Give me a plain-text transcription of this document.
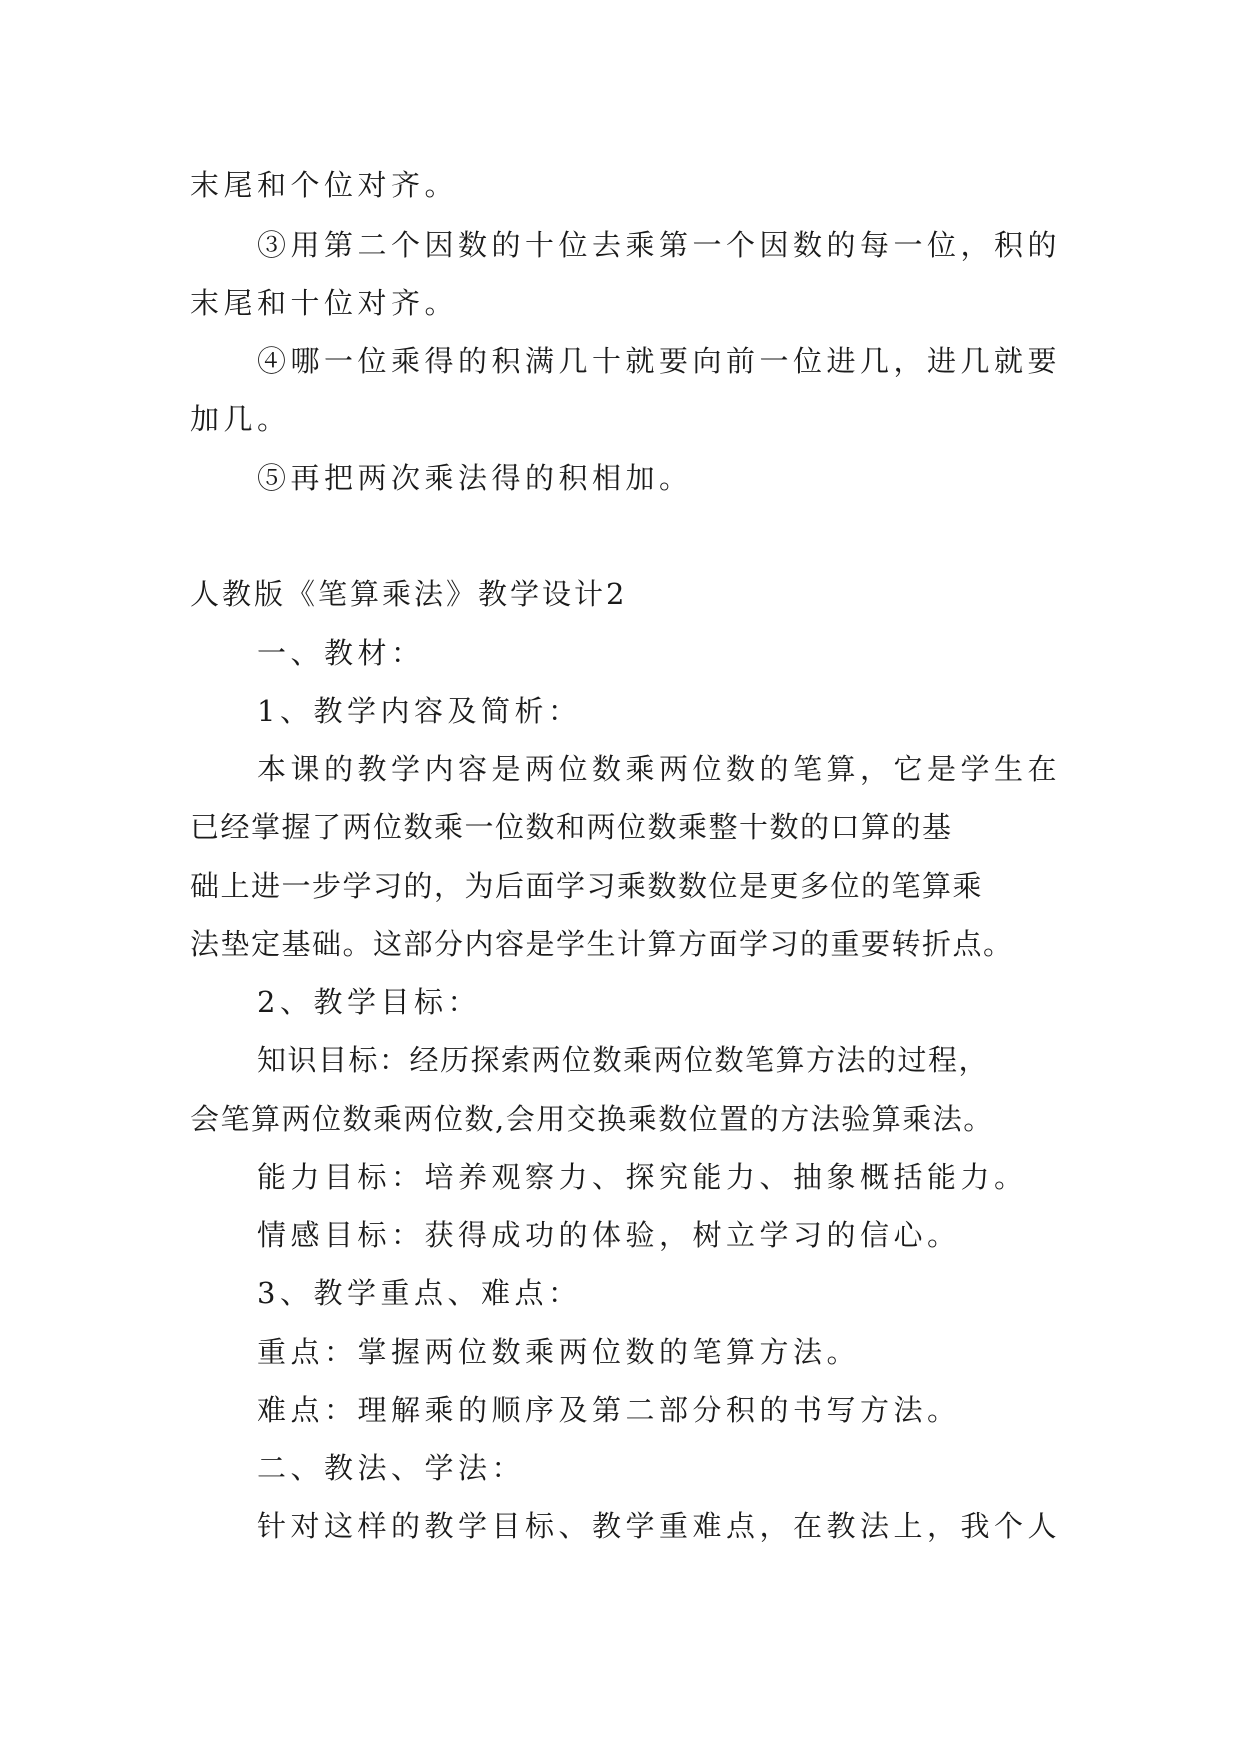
末尾和个位对齐。

③用第二个因数的十位去乘第一个因数的每一位，积的

末尾和十位对齐。

④哪一位乘得的积满几十就要向前一位进几，进几就要

加几。

⑤再把两次乘法得的积相加。

人教版《笔算乘法》教学设计2

一、教材：

1、教学内容及简析：

本课的教学内容是两位数乘两位数的笔算，它是学生在

已经掌握了两位数乘一位数和两位数乘整十数的口算的基

础上进一步学习的，为后面学习乘数数位是更多位的笔算乘

法垫定基础。这部分内容是学生计算方面学习的重要转折点。

2、教学目标：

知识目标：经历探索两位数乘两位数笔算方法的过程，

会笔算两位数乘两位数,会用交换乘数位置的方法验算乘法。

能力目标：培养观察力、探究能力、抽象概括能力。

情感目标：获得成功的体验，树立学习的信心。

3、教学重点、难点：

重点：掌握两位数乘两位数的笔算方法。

难点：理解乘的顺序及第二部分积的书写方法。

二、教法、学法：

针对这样的教学目标、教学重难点，在教法上，我个人
